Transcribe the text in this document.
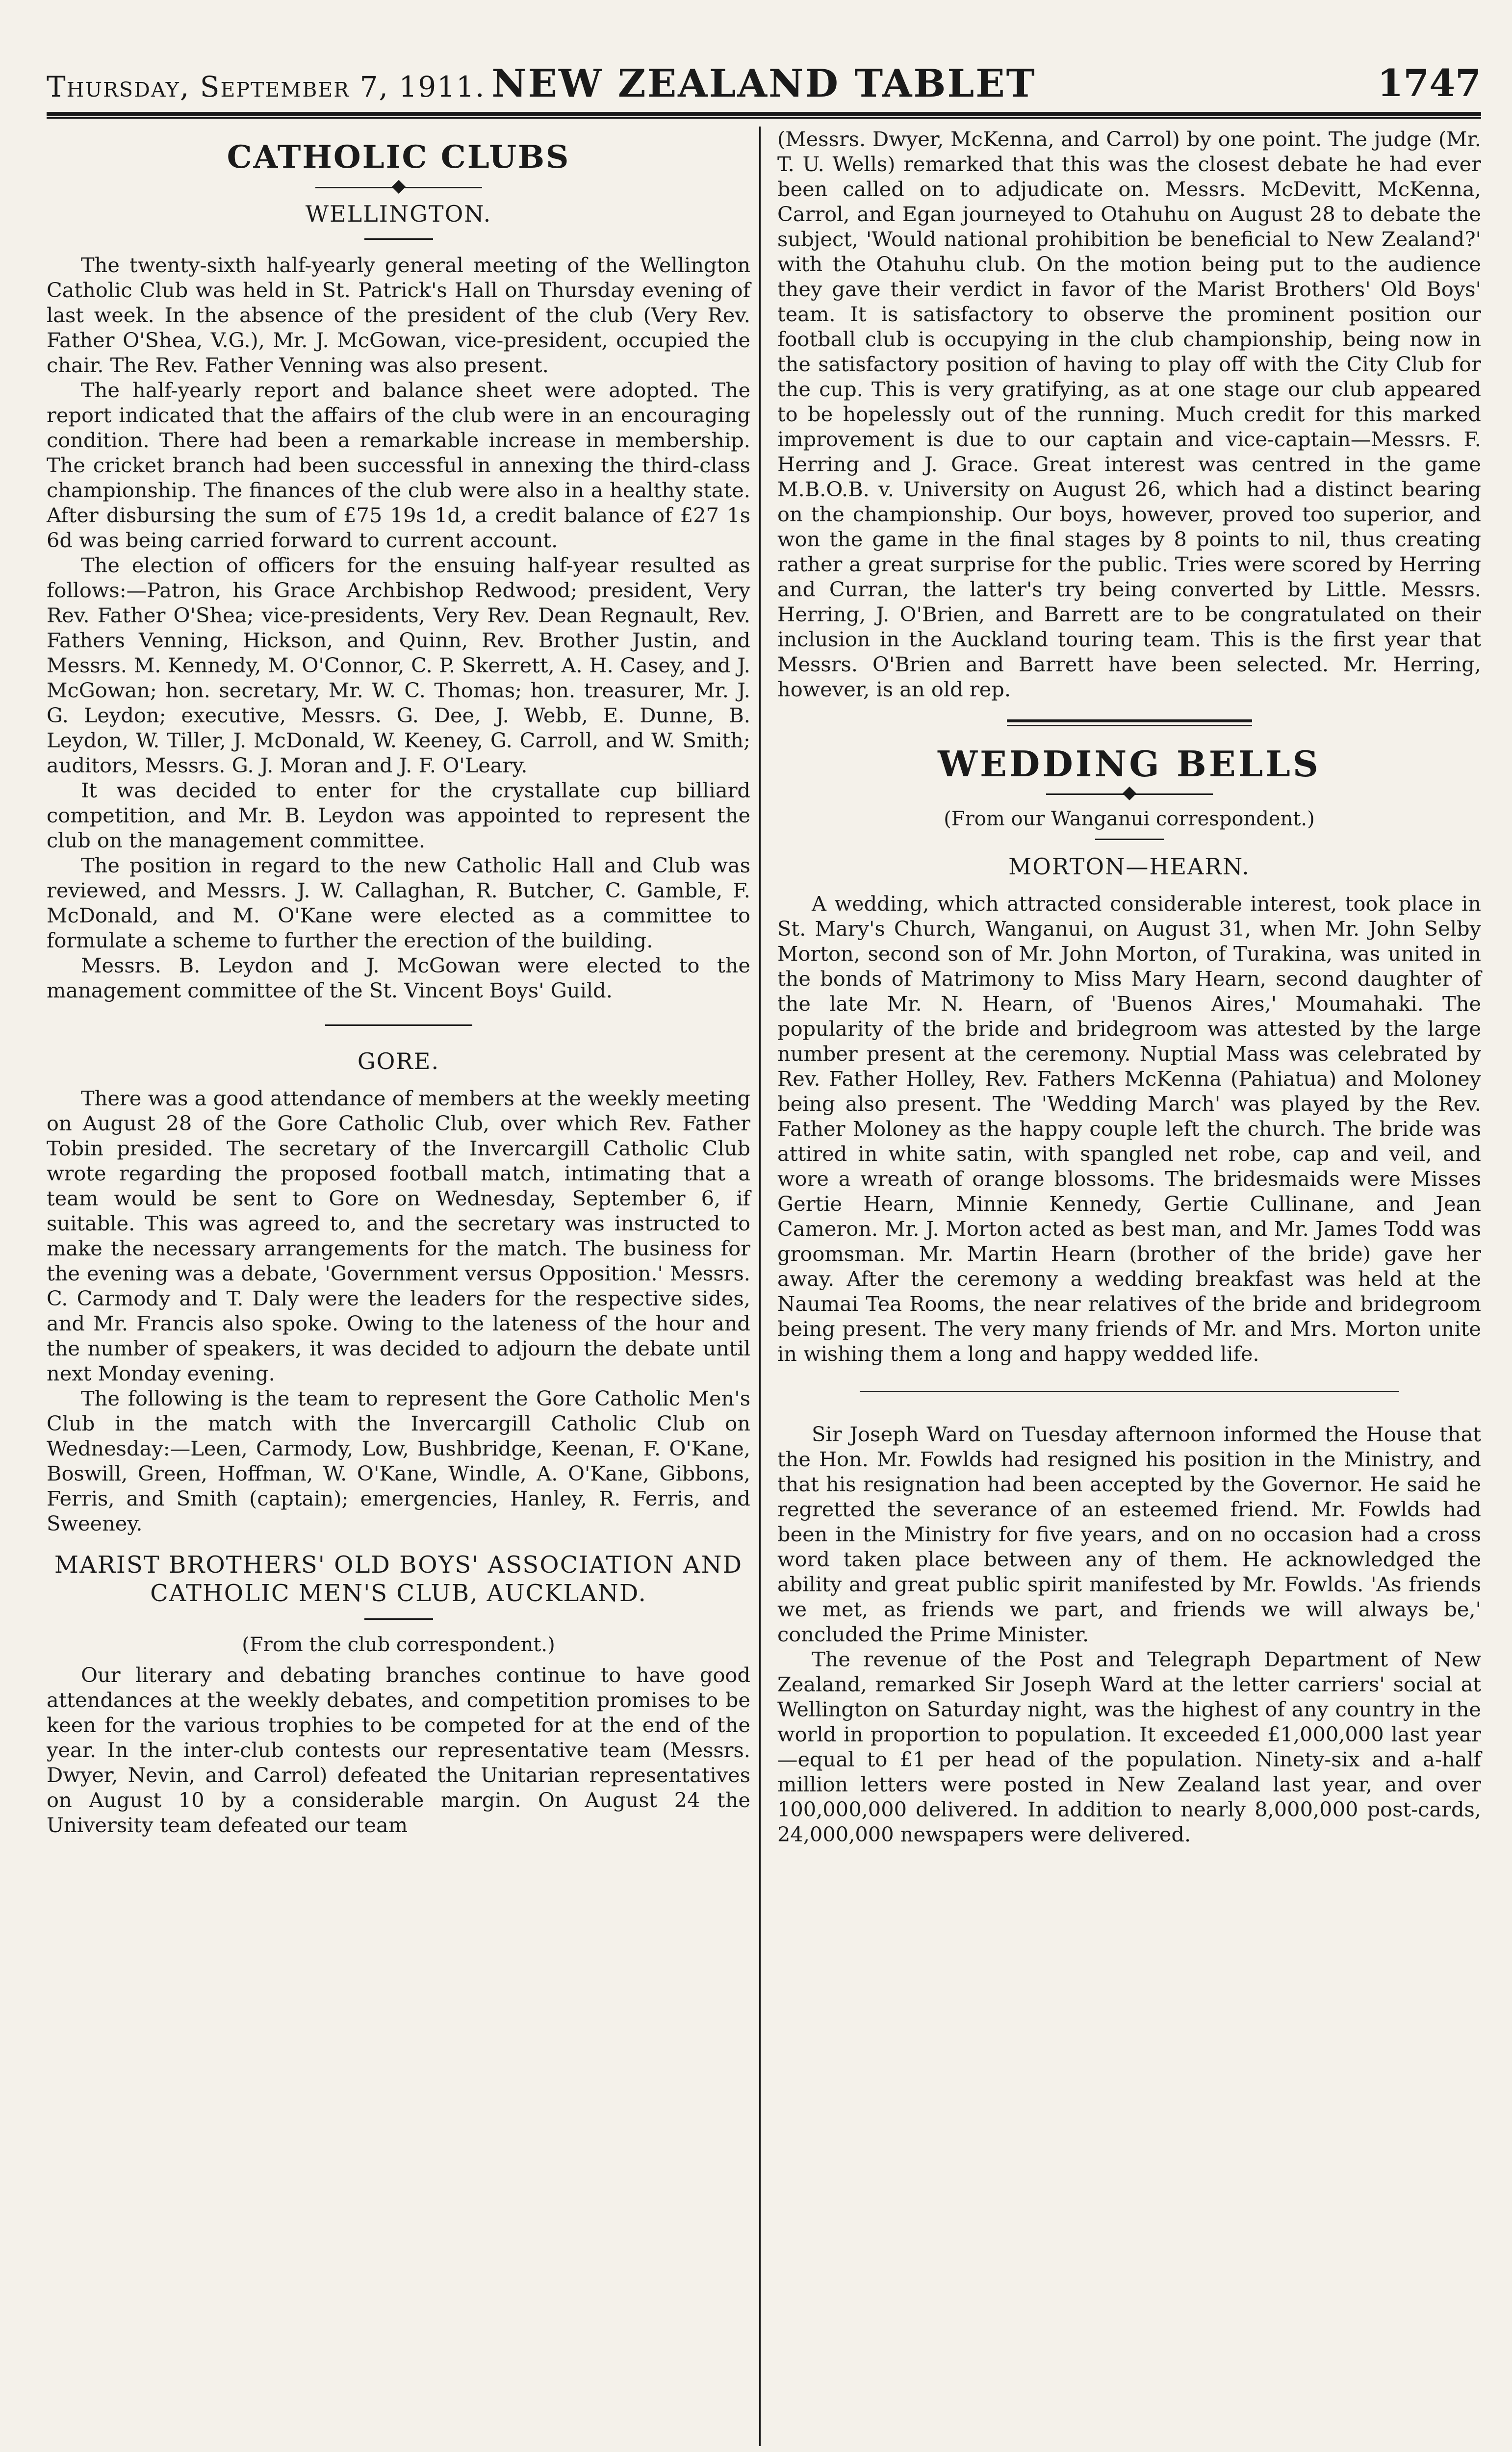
Thursday, September 7, 1911. NEW ZEALAND TABLET	1747
CATHOLIC CLUBS
WELLINGTON.

The twenty-sixth half-yearly general meeting of the Wellington Catholic Club was held in St. Patrick's Hall on Thursday evening of last week. In the absence of the president of the club (Very Rev. Father O'Shea, V.G.), Mr. J. McGowan, vice-president, occupied the chair. The Rev. Father Venning was also present.

The half-yearly report and balance sheet were adopted. The report indicated that the affairs of the club were in an encouraging condition. There had been a remarkable increase in membership. The cricket branch had been successful in annexing the third-class championship. The finances of the club were also in a healthy state. After disbursing the sum of £75 19s 1d, a credit balance of £27 1s 6d was being carried forward to current account.

The election of officers for the ensuing half-year resulted as follows:—Patron, his Grace Archbishop Redwood; president, Very Rev. Father O'Shea; vice-presidents, Very Rev. Dean Regnault, Rev. Fathers Venning, Hickson, and Quinn, Rev. Brother Justin, and Messrs. M. Kennedy, M. O'Connor, C. P. Skerrett, A. H. Casey, and J. McGowan; hon. secretary, Mr. W. C. Thomas; hon. treasurer, Mr. J. G. Leydon; executive, Messrs. G. Dee, J. Webb, E. Dunne, B. Leydon, W. Tiller, J. McDonald, W. Keeney, G. Carroll, and W. Smith; auditors, Messrs. G. J. Moran and J. F. O'Leary.

It was decided to enter for the crystallate cup billiard competition, and Mr. B. Leydon was appointed to represent the club on the management committee.

The position in regard to the new Catholic Hall and Club was reviewed, and Messrs. J. W. Callaghan, R. Butcher, C. Gamble, F. McDonald, and M. O'Kane were elected as a committee to formulate a scheme to further the erection of the building.

Messrs. B. Leydon and J. McGowan were elected to the management committee of the St. Vincent Boys' Guild.

GORE.

There was a good attendance of members at the weekly meeting on August 28 of the Gore Catholic Club, over which Rev. Father Tobin presided. The secretary of the Invercargill Catholic Club wrote regarding the proposed football match, intimating that a team would be sent to Gore on Wednesday, September 6, if suitable. This was agreed to, and the secretary was instructed to make the necessary arrangements for the match. The business for the evening was a debate, 'Government versus Opposition.' Messrs. C. Carmody and T. Daly were the leaders for the respective sides, and Mr. Francis also spoke. Owing to the lateness of the hour and the number of speakers, it was decided to adjourn the debate until next Monday evening.

The following is the team to represent the Gore Catholic Men's Club in the match with the Invercargill Catholic Club on Wednesday:—Leen, Carmody, Low, Bushbridge, Keenan, F. O'Kane, Boswill, Green, Hoffman, W. O'Kane, Windle, A. O'Kane, Gibbons, Ferris, and Smith (captain); emergencies, Hanley, R. Ferris, and Sweeney.

MARIST BROTHERS' OLD BOYS' ASSOCIATION AND CATHOLIC MEN'S CLUB, AUCKLAND.
(From the club correspondent.)

Our literary and debating branches continue to have good attendances at the weekly debates, and competition promises to be keen for the various trophies to be competed for at the end of the year. In the inter-club contests our representative team (Messrs. Dwyer, Nevin, and Carrol) defeated the Unitarian representatives on August 10 by a considerable margin. On August 24 the University team defeated our team

(Messrs. Dwyer, McKenna, and Carrol) by one point. The judge (Mr. T. U. Wells) remarked that this was the closest debate he had ever been called on to adjudicate on. Messrs. McDevitt, McKenna, Carrol, and Egan journeyed to Otahuhu on August 28 to debate the subject, 'Would national prohibition be beneficial to New Zealand?' with the Otahuhu club. On the motion being put to the audience they gave their verdict in favor of the Marist Brothers' Old Boys' team. It is satisfactory to observe the prominent position our football club is occupying in the club championship, being now in the satisfactory position of having to play off with the City Club for the cup. This is very gratifying, as at one stage our club appeared to be hopelessly out of the running. Much credit for this marked improvement is due to our captain and vice-captain—Messrs. F. Herring and J. Grace. Great interest was centred in the game M.B.O.B. v. University on August 26, which had a distinct bearing on the championship. Our boys, however, proved too superior, and won the game in the final stages by 8 points to nil, thus creating rather a great surprise for the public. Tries were scored by Herring and Curran, the latter's try being converted by Little. Messrs. Herring, J. O'Brien, and Barrett are to be congratulated on their inclusion in the Auckland touring team. This is the first year that Messrs. O'Brien and Barrett have been selected. Mr. Herring, however, is an old rep.

WEDDING BELLS
(From our Wanganui correspondent.)
MORTON—HEARN.

A wedding, which attracted considerable interest, took place in St. Mary's Church, Wanganui, on August 31, when Mr. John Selby Morton, second son of Mr. John Morton, of Turakina, was united in the bonds of Matrimony to Miss Mary Hearn, second daughter of the late Mr. N. Hearn, of 'Buenos Aires,' Moumahaki. The popularity of the bride and bridegroom was attested by the large number present at the ceremony. Nuptial Mass was celebrated by Rev. Father Holley, Rev. Fathers McKenna (Pahiatua) and Moloney being also present. The 'Wedding March' was played by the Rev. Father Moloney as the happy couple left the church. The bride was attired in white satin, with spangled net robe, cap and veil, and wore a wreath of orange blossoms. The bridesmaids were Misses Gertie Hearn, Minnie Kennedy, Gertie Cullinane, and Jean Cameron. Mr. J. Morton acted as best man, and Mr. James Todd was groomsman. Mr. Martin Hearn (brother of the bride) gave her away. After the ceremony a wedding breakfast was held at the Naumai Tea Rooms, the near relatives of the bride and bridegroom being present. The very many friends of Mr. and Mrs. Morton unite in wishing them a long and happy wedded life.

Sir Joseph Ward on Tuesday afternoon informed the House that the Hon. Mr. Fowlds had resigned his position in the Ministry, and that his resignation had been accepted by the Governor. He said he regretted the severance of an esteemed friend. Mr. Fowlds had been in the Ministry for five years, and on no occasion had a cross word taken place between any of them. He acknowledged the ability and great public spirit manifested by Mr. Fowlds. 'As friends we met, as friends we part, and friends we will always be,' concluded the Prime Minister.

The revenue of the Post and Telegraph Department of New Zealand, remarked Sir Joseph Ward at the letter carriers' social at Wellington on Saturday night, was the highest of any country in the world in proportion to population. It exceeded £1,000,000 last year—equal to £1 per head of the population. Ninety-six and a-half million letters were posted in New Zealand last year, and over 100,000,000 delivered. In addition to nearly 8,000,000 post-cards, 24,000,000 newspapers were delivered.
